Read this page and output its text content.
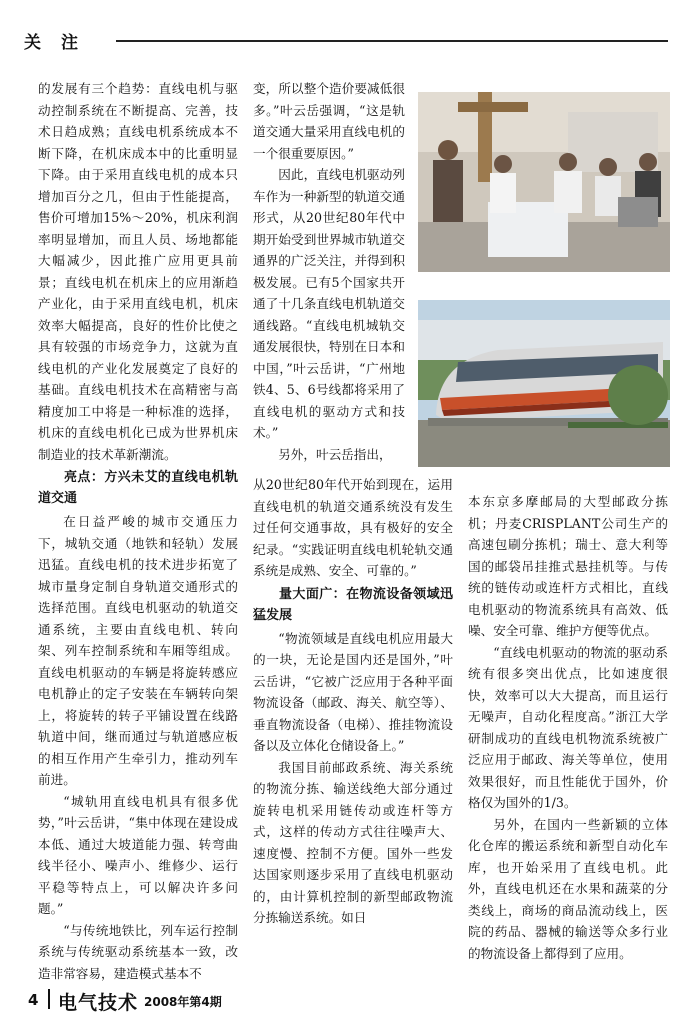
关注

的发展有三个趋势：直线电机与驱动控制系统在不断提高、完善，技术日趋成熟；直线电机系统成本不断下降，在机床成本中的比重明显下降。由于采用直线电机的成本只增加百分之几，但由于性能提高，售价可增加15%～20%，机床利润率明显增加，而且人员、场地都能大幅减少，因此推广应用更具前景；直线电机在机床上的应用渐趋产业化，由于采用直线电机，机床效率大幅提高，良好的性价比使之具有较强的市场竞争力，这就为直线电机的产业化发展奠定了良好的基础。直线电机技术在高精密与高精度加工中将是一种标准的选择，机床的直线电机化已成为世界机床制造业的技术革新潮流。

亮点：方兴未艾的直线电机轨道交通

在日益严峻的城市交通压力下，城轨交通（地铁和轻轨）发展迅猛。直线电机的技术进步拓宽了城市量身定制自身轨道交通形式的选择范围。直线电机驱动的轨道交通系统，主要由直线电机、转向架、列车控制系统和车厢等组成。直线电机驱动的车辆是将旋转感应电机静止的定子安装在车辆转向架上，将旋转的转子平铺设置在线路轨道中间，继而通过与轨道感应板的相互作用产生牵引力，推动列车前进。

“城轨用直线电机具有很多优势，”叶云岳讲，“集中体现在建设成本低、通过大坡道能力强、转弯曲线半径小、噪声小、维修少、运行平稳等特点上，可以解决许多问题。”

“与传统地铁比，列车运行控制系统与传统驱动系统基本一致，改造非常容易，建造模式基本不

变，所以整个造价要减低很多。”叶云岳强调，“这是轨道交通大量采用直线电机的一个很重要原因。”

因此，直线电机驱动列车作为一种新型的轨道交通形式，从20世纪80年代中期开始受到世界城市轨道交通界的广泛关注，并得到积极发展。已有5个国家共开通了十几条直线电机轨道交通线路。“直线电机城轨交通发展很快，特别在日本和中国，”叶云岳讲，“广州地铁4、5、6号线都将采用了直线电机的驱动方式和技术。”

另外，叶云岳指出，

从20世纪80年代开始到现在，运用直线电机的轨道交通系统没有发生过任何交通事故，具有极好的安全纪录。“实践证明直线电机轮轨交通系统是成熟、安全、可靠的。”

量大面广：在物流设备领域迅猛发展

“物流领域是直线电机应用最大的一块，无论是国内还是国外，”叶云岳讲，“它被广泛应用于各种平面物流设备（邮政、海关、航空等）、垂直物流设备（电梯）、推挂物流设备以及立体化仓储设备上。”

我国目前邮政系统、海关系统的物流分拣、输送线绝大部分通过旋转电机采用链传动或连杆等方式，这样的传动方式往往噪声大、速度慢、控制不方便。国外一些发达国家则逐步采用了直线电机驱动的，由计算机控制的新型邮政物流分拣输送系统。如日

本东京多摩邮局的大型邮政分拣机；丹麦CRISPLANT公司生产的高速包刷分拣机；瑞士、意大利等国的邮袋吊挂推式悬挂机等。与传统的链传动或连杆方式相比，直线电机驱动的物流系统具有高效、低噪、安全可靠、维护方便等优点。

“直线电机驱动的物流的驱动系统有很多突出优点，比如速度很快，效率可以大大提高，而且运行无噪声，自动化程度高。”浙江大学研制成功的直线电机物流系统被广泛应用于邮政、海关等单位，使用效果很好，而且性能优于国外，价格仅为国外的1/3。

另外，在国内一些新颖的立体化仓库的搬运系统和新型自动化车库，也开始采用了直线电机。此外，直线电机还在水果和蔬菜的分类线上，商场的商品流动线上，医院的药品、器械的输送等众多行业的物流设备上都得到了应用。

4 电气技术 2008年第4期
